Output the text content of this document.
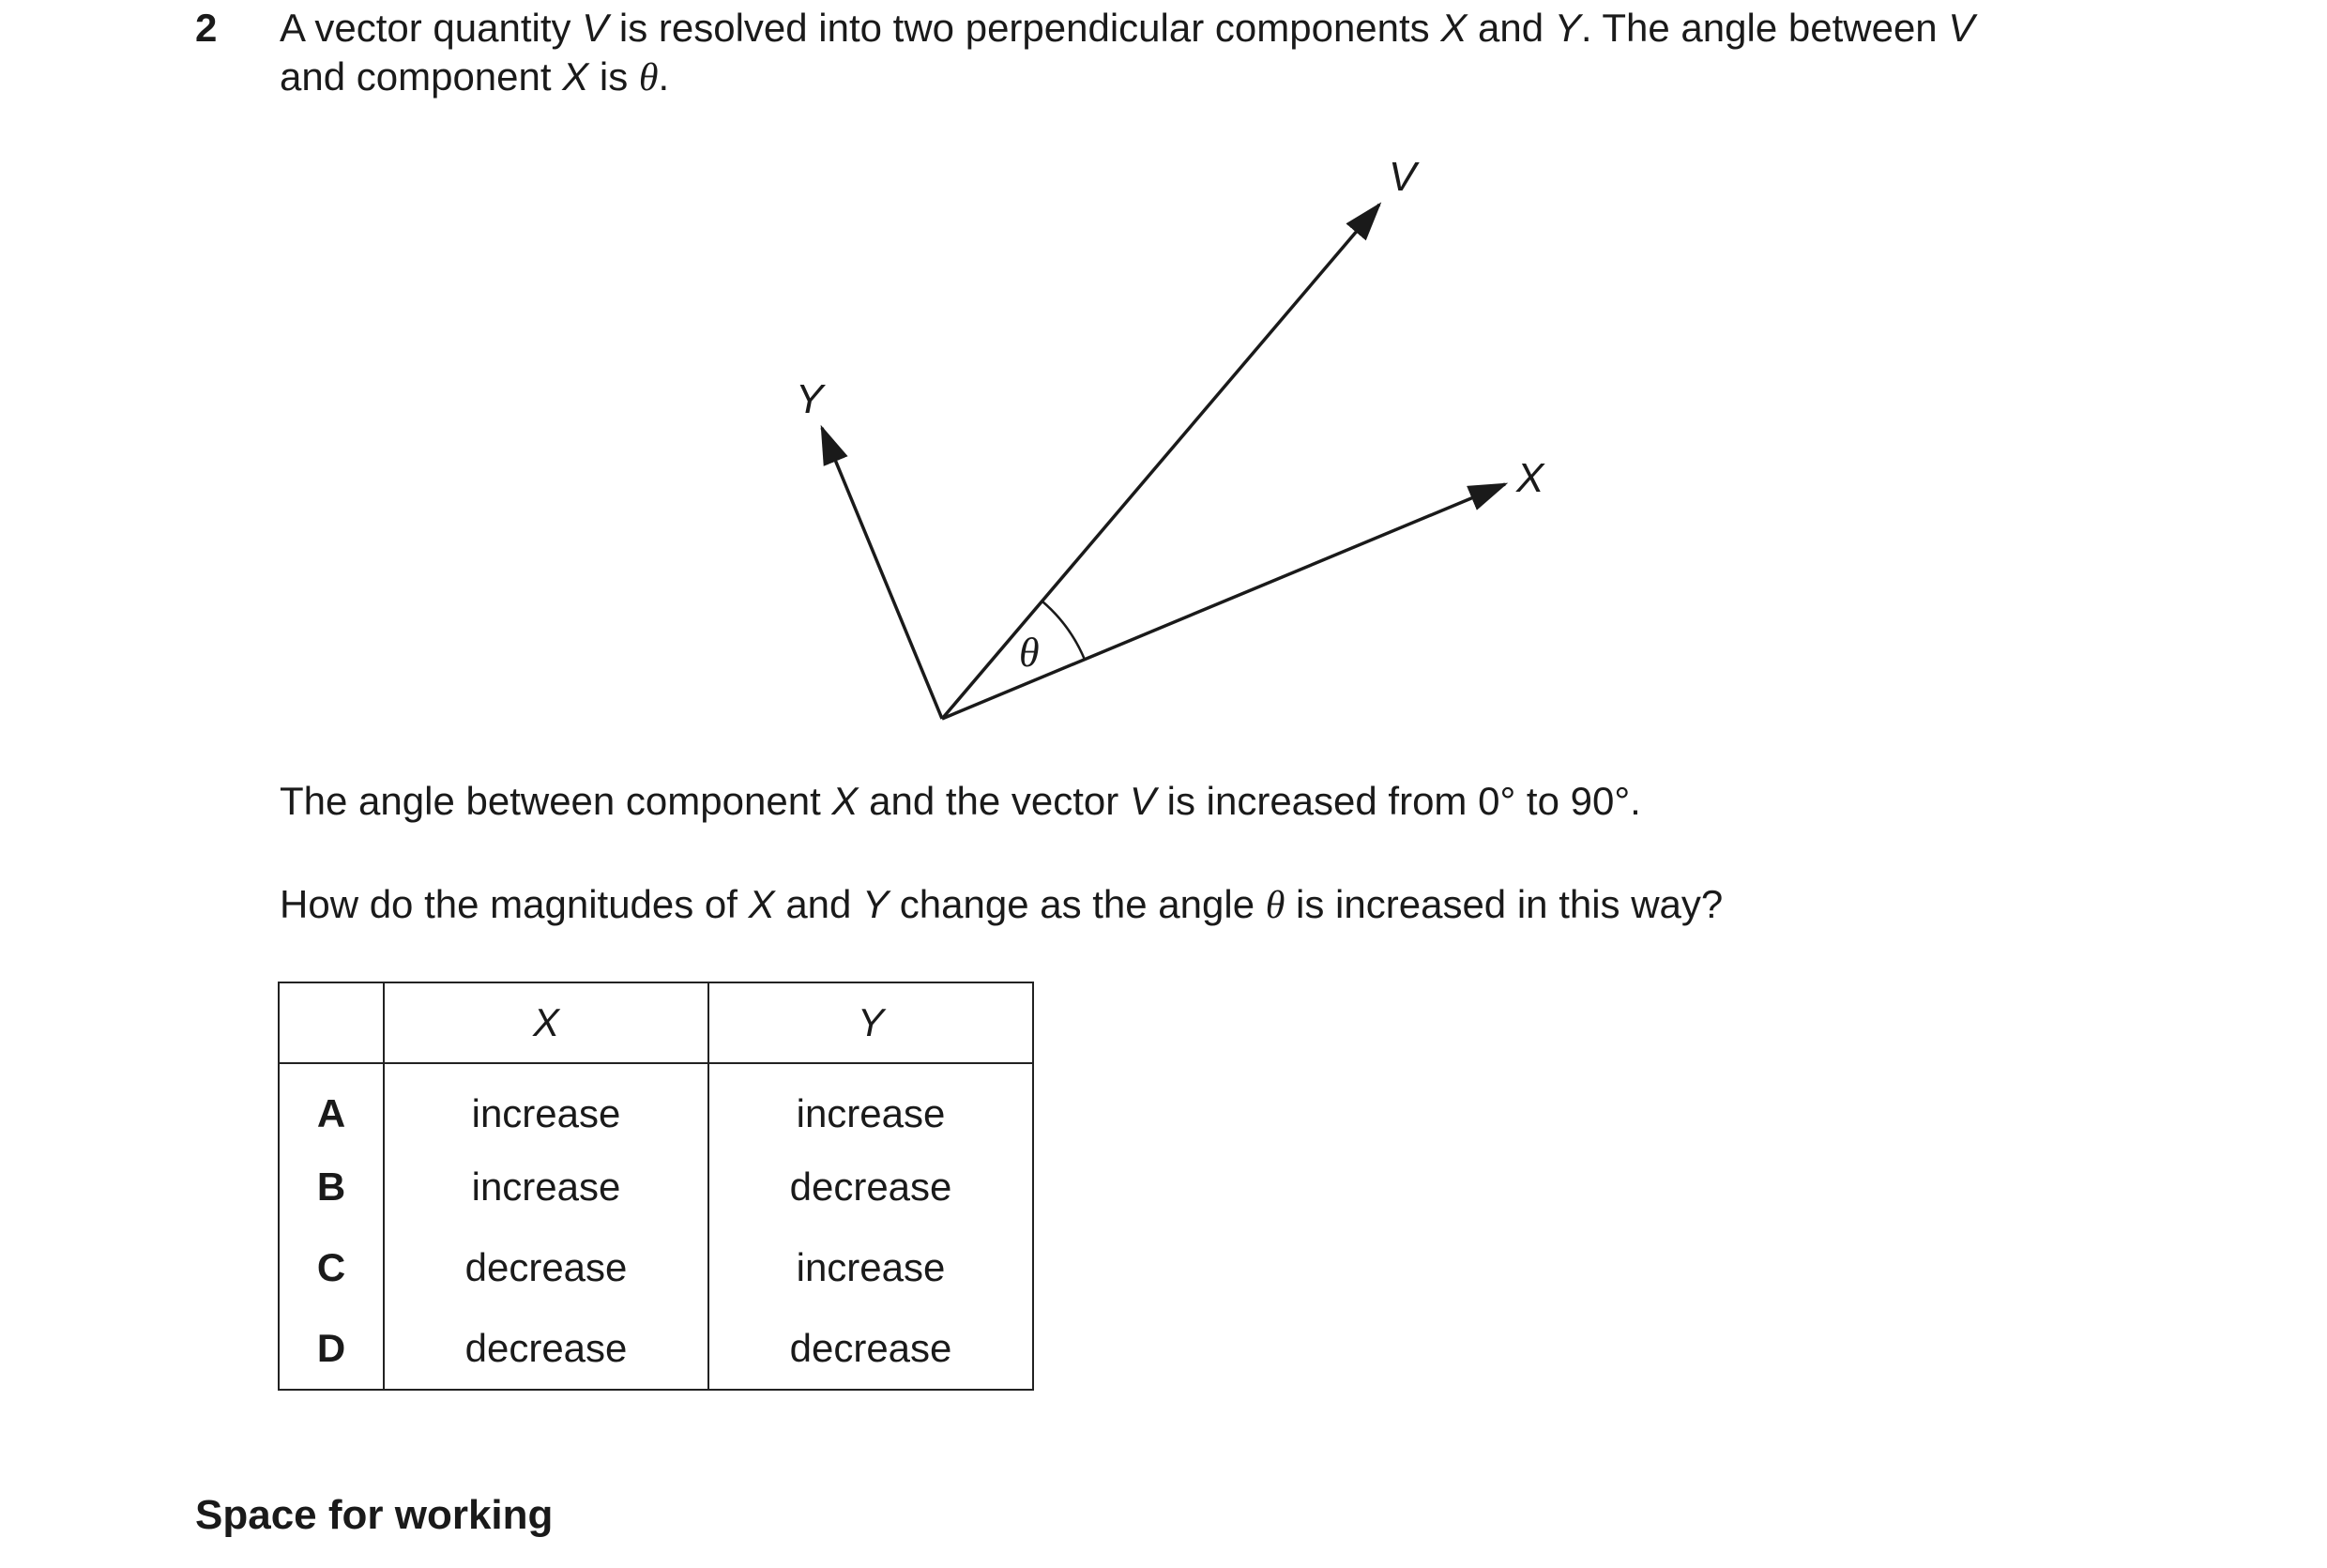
2 A vector quantity V is resolved into two perpendicular components X and Y. The angle between V
and component X is θ.
V
Y
X
θ
The angle between component X and the vector V is increased from 0° to 90°.
How do the magnitudes of X and Y change as the angle θ is increased in this way?
	X	Y
A	increase	increase
B	increase	decrease
C	decrease	increase
D	decrease	decrease
Space for working
